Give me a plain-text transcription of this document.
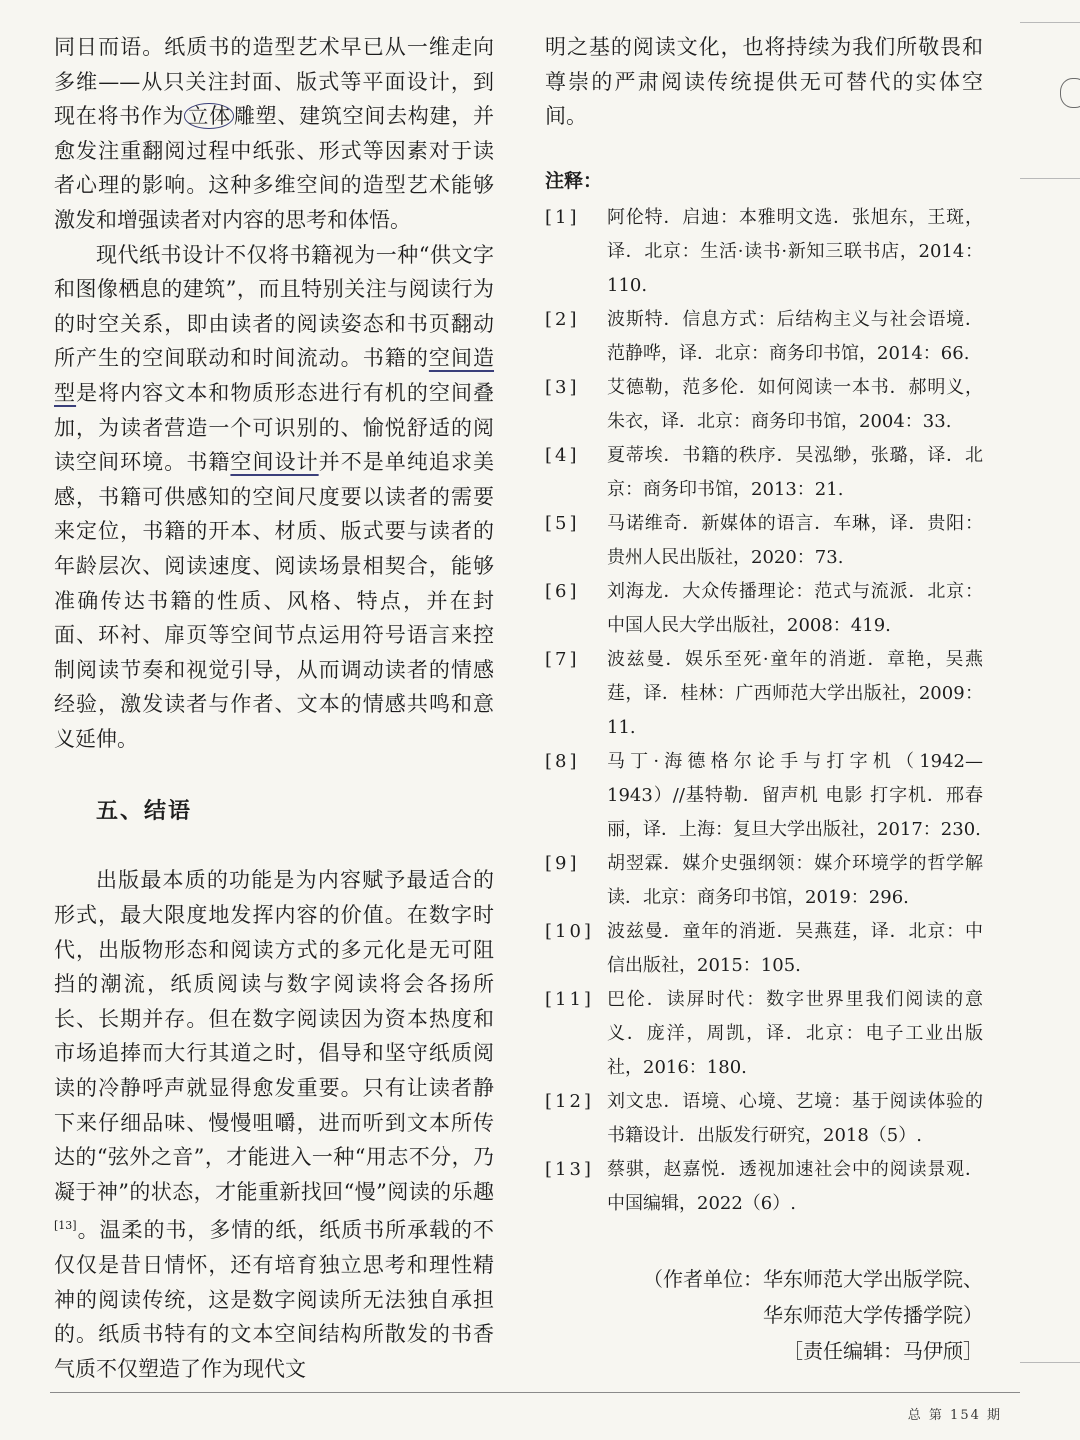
同日而语。纸质书的造型艺术早已从一维走向多维——从只关注封面、版式等平面设计，到现在将书作为 立体 雕塑、建筑空间去构建，并愈发注重翻阅过程中纸张、形式等因素对于读者心理的影响。这种多维空间的造型艺术能够激发和增强读者对内容的思考和体悟。

现代纸书设计不仅将书籍视为一种“供文字和图像栖息的建筑”，而且特别关注与阅读行为的时空关系，即由读者的阅读姿态和书页翻动所产生的空间联动和时间流动。书籍的空间造型是将内容文本和物质形态进行有机的空间叠加，为读者营造一个可识别的、愉悦舒适的阅读空间环境。书籍空间设计并不是单纯追求美感，书籍可供感知的空间尺度要以读者的需要来定位，书籍的开本、材质、版式要与读者的年龄层次、阅读速度、阅读场景相契合，能够准确传达书籍的性质、风格、特点，并在封面、环衬、扉页等空间节点运用符号语言来控制阅读节奏和视觉引导，从而调动读者的情感经验，激发读者与作者、文本的情感共鸣和意义延伸。

五、结语

出版最本质的功能是为内容赋予最适合的形式，最大限度地发挥内容的价值。在数字时代，出版物形态和阅读方式的多元化是无可阻挡的潮流，纸质阅读与数字阅读将会各扬所长、长期并存。但在数字阅读因为资本热度和市场追捧而大行其道之时，倡导和坚守纸质阅读的冷静呼声就显得愈发重要。只有让读者静下来仔细品味、慢慢咀嚼，进而听到文本所传达的“弦外之音”，才能进入一种“用志不分，乃凝于神”的状态，才能重新找回“慢”阅读的乐趣[13]。温柔的书，多情的纸，纸质书所承载的不仅仅是昔日情怀，还有培育独立思考和理性精神的阅读传统，这是数字阅读所无法独自承担的。纸质书特有的文本空间结构所散发的书香气质不仅塑造了作为现代文

明之基的阅读文化，也将持续为我们所敬畏和尊崇的严肃阅读传统提供无可替代的实体空间。

注释：
[1]	阿伦特．启迪：本雅明文选．张旭东，王斑，译．北京：生活·读书·新知三联书店，2014：110.
[2]	波斯特．信息方式：后结构主义与社会语境．范静哗，译．北京：商务印书馆，2014：66.
[3]	艾德勒，范多伦．如何阅读一本书．郝明义，朱衣，译．北京：商务印书馆，2004：33.
[4]	夏蒂埃．书籍的秩序．吴泓缈，张璐，译．北京：商务印书馆，2013：21.
[5]	马诺维奇．新媒体的语言．车琳，译．贵阳：贵州人民出版社，2020：73.
[6]	刘海龙．大众传播理论：范式与流派．北京：中国人民大学出版社，2008：419.
[7]	波兹曼．娱乐至死·童年的消逝．章艳，吴燕莛，译．桂林：广西师范大学出版社，2009：11.
[8]	马丁·海德格尔论手与打字机（1942—1943）//基特勒．留声机 电影 打字机．邢春丽，译．上海：复旦大学出版社，2017：230.
[9]	胡翌霖．媒介史强纲领：媒介环境学的哲学解读．北京：商务印书馆，2019：296.
[10] 波兹曼．童年的消逝．吴燕莛，译．北京：中信出版社，2015：105.
[11] 巴伦．读屏时代：数字世界里我们阅读的意义．庞洋，周凯，译．北京：电子工业出版社，2016：180.
[12] 刘文忠．语境、心境、艺境：基于阅读体验的书籍设计．出版发行研究，2018（5）.
[13] 蔡骐，赵嘉悦．透视加速社会中的阅读景观．中国编辑，2022（6）.
（作者单位：华东师范大学出版学院、
华东师范大学传播学院）
［责任编辑：马伊颀］
总 第 154 期
